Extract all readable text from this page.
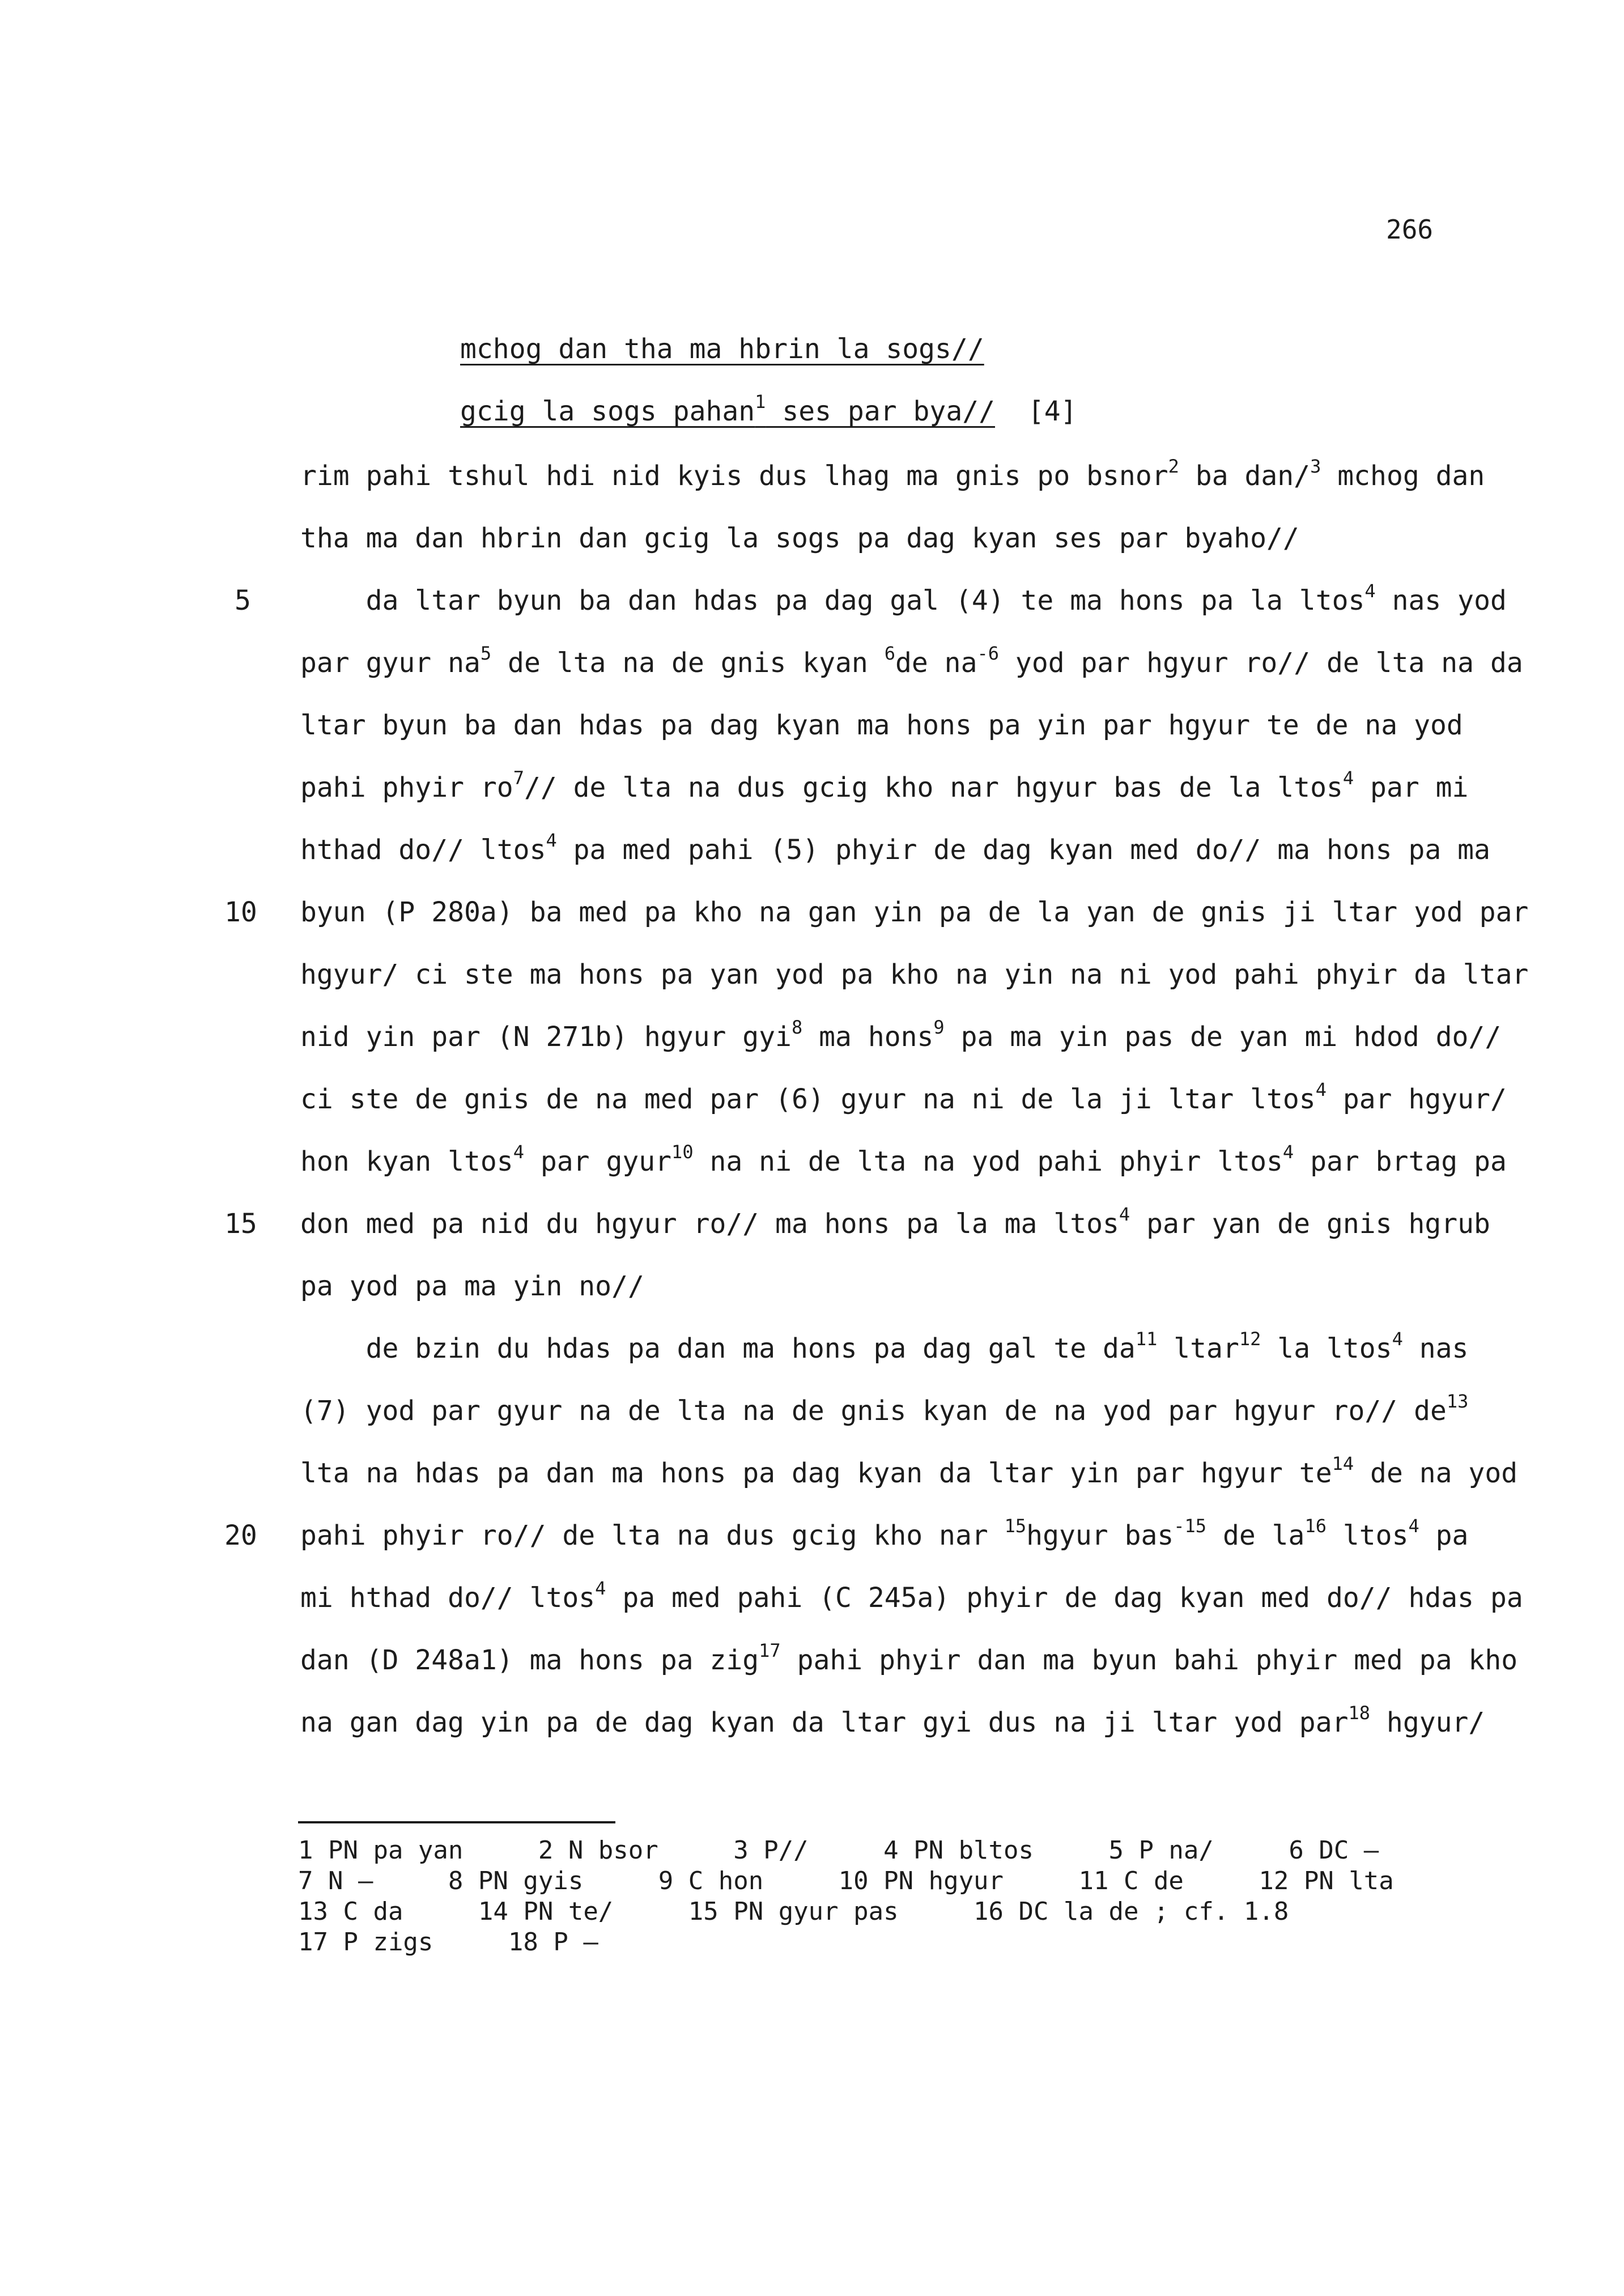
266
mchog dan tha ma hbrin la sogs//
gcig la sogs pahan$^1$ ses par bya// [4]
5
10
15
20
rim pahi tshul hdi nid kyis dus lhag ma gnis po bsnor$^2$ ba dan/$^3$ mchog dan
tha ma dan hbrin dan gcig la sogs pa dag kyan ses par byaho//
da ltar byun ba dan hdas pa dag gal (4) te ma hons pa la ltos$^4$ nas yod
par gyur $na^5$ de lta na de gnis kyan $^6$de $na^{-6}$ yod par hgyur ro// de lta na da
ltar byun ba dan hdas pa dag kyan ma hons pa yin par hgyur te de na yod
pahi phyir $ro^7//$ de lta na dus gcig kho nar hgyur bas de la ltos$^4$ par mi
hthad do// ltos$^4$ pa med pahi (5) phyir de dag kyan med do// ma hons pa ma
byun (P 280a) ba med pa kho na gan yin pa de la yan de gnis ji ltar yod par
hgyur/ ci ste ma hons pa yan yod pa kho na yin na ni yod pahi phyir da ltar
nid yin par (N 271b) hgyur gyi$^8$ ma hons$^9$ pa ma yin pas de yan mi hdod do//
ci ste de gnis de na med par (6) gyur na ni de la ji ltar ltos$^4$ par hgyur/
hon kyan ltos$^4$ par gyur$^{10}$ na ni de lta na yod pahi phyir ltos$^4$ par brtag pa
don med pa nid du hgyur ro// ma hons pa la ma ltos$^4$ par yan de gnis hgrub
pa yod pa ma yin no//
de bzin du hdas pa dan ma hons pa dag gal te $da^{11}$ ltar$^{12}$ la ltos$^4$ nas
(7) yod par gyur na de lta na de gnis kyan de na yod par hgyur ro// $de^{13}$
lta na hdas pa dan ma hons pa dag kyan da ltar yin par hgyur $te^{14}$ de na yod
pahi phyir ro// de lta na dus gcig kho nar $^{15}$hgyur bas$^{-15}$ de $la^{16}$ ltos$^4$ pa
mi hthad do// ltos$^4$ pa med pahi (C 245a) phyir de dag kyan med do// hdas pa
dan (D 248a1) ma hons pa zig$^{17}$ pahi phyir dan ma byun bahi phyir med pa kho
na gan dag yin pa de dag kyan da ltar gyi dus na ji ltar yod par$^{18}$ hgyur/
1 PN pa yan     2 N bsor     3 P//     4 PN bltos     5 P na/     6 DC —
7 N —     8 PN gyis     9 C hon     10 PN hgyur     11 C de     12 PN lta
13 C da     14 PN te/     15 PN gyur pas     16 DC la de ; cf. 1.8
17 P zigs     18 P —
